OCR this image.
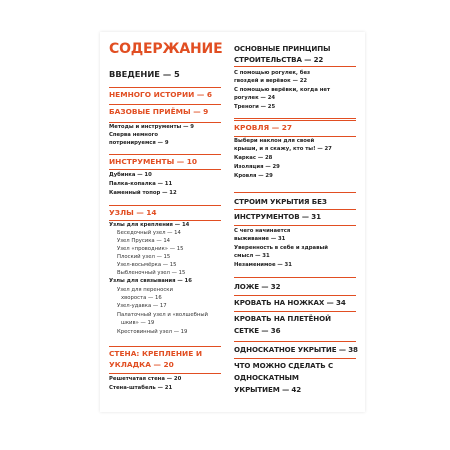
СОДЕРЖАНИЕ
ВВЕДЕНИЕ — 5
НЕМНОГО ИСТОРИИ — 6
БАЗОВЫЕ ПРИЁМЫ — 9
Методы и инструменты — 9
Сперва немного
потренируемся — 9
ИНСТРУМЕНТЫ — 10
Дубинка — 10
Палка-копалка — 11
Каменный топор — 12
УЗЛЫ — 14
Узлы для крепления — 14
Беседочный узел — 14
Узел Прусика — 14
Узел «проводник» — 15
Плоский узел — 15
Узел-восьмёрка — 15
Выбленочный узел — 15
Узлы для связывания — 16
Узел для переноски
хвороста — 16
Узел-удавка — 17
Палаточный узел и «волшебный
шкив» — 19
Крестовинный узел — 19
СТЕНА: КРЕПЛЕНИЕ И
УКЛАДКА — 20
Решетчатая стена — 20
Стена-штабель — 21
ОСНОВНЫЕ ПРИНЦИПЫ
СТРОИТЕЛЬСТВА — 22
С помощью рогулек, без
гвоздей и верёвок — 22
С помощью верёвки, когда нет
рогулек — 24
Треноги — 25
КРОВЛЯ — 27
Выбери наклон для своей
крыши, и я скажу, кто ты! — 27
Каркас — 28
Изоляция — 29
Кровля — 29
СТРОИМ УКРЫТИЯ БЕЗ
ИНСТРУМЕНТОВ — 31
С чего начинается
выживание — 31
Уверенность в себе и здравый
смысл — 31
Незаменимое — 31
ЛОЖЕ — 32
КРОВАТЬ НА НОЖКАХ — 34
КРОВАТЬ НА ПЛЕТЁНОЙ
СЕТКЕ — 36
ОДНОСКАТНОЕ УКРЫТИЕ — 38
ЧТО МОЖНО СДЕЛАТЬ С
ОДНОСКАТНЫМ
УКРЫТИЕМ — 42
